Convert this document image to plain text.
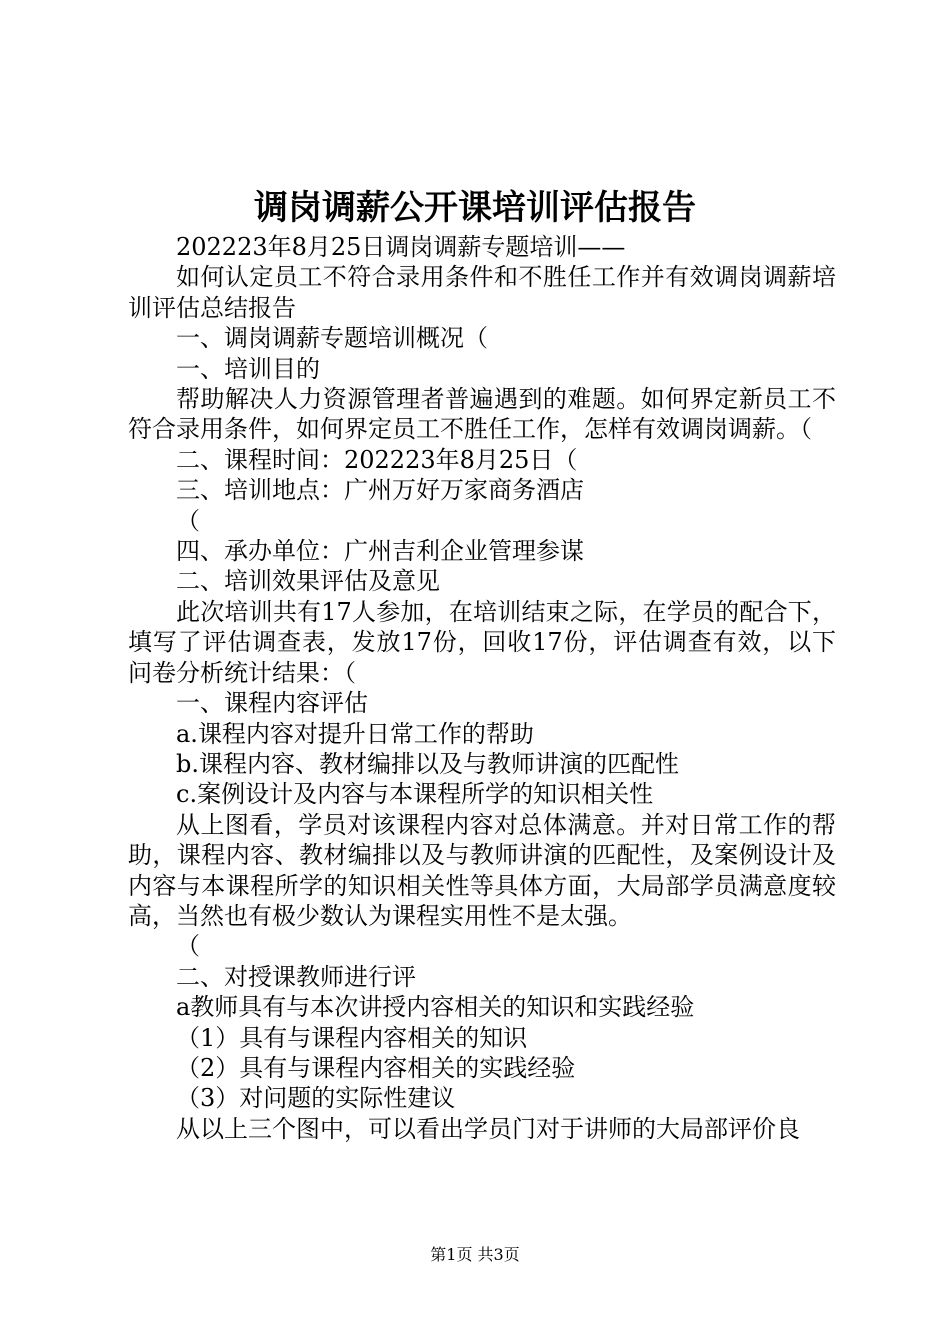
调岗调薪公开课培训评估报告

202223年8月25日调岗调薪专题培训——

如何认定员工不符合录用条件和不胜任工作并有效调岗调薪培训评估总结报告

一、调岗调薪专题培训概况（

一、培训目的

帮助解决人力资源管理者普遍遇到的难题。如何界定新员工不符合录用条件，如何界定员工不胜任工作，怎样有效调岗调薪。（

二、课程时间：202223年8月25日（

三、培训地点：广州万好万家商务酒店

（

四、承办单位：广州吉利企业管理参谋

二、培训效果评估及意见

此次培训共有17人参加，在培训结束之际，在学员的配合下，填写了评估调查表，发放17份，回收17份，评估调查有效，以下问卷分析统计结果：（

一、课程内容评估

a.课程内容对提升日常工作的帮助

b.课程内容、教材编排以及与教师讲演的匹配性

c.案例设计及内容与本课程所学的知识相关性

从上图看，学员对该课程内容对总体满意。并对日常工作的帮助，课程内容、教材编排以及与教师讲演的匹配性，及案例设计及内容与本课程所学的知识相关性等具体方面，大局部学员满意度较高，当然也有极少数认为课程实用性不是太强。

（

二、对授课教师进行评

a教师具有与本次讲授内容相关的知识和实践经验

（1）具有与课程内容相关的知识

（2）具有与课程内容相关的实践经验

（3）对问题的实际性建议

从以上三个图中，可以看出学员门对于讲师的大局部评价良

第1页 共3页
